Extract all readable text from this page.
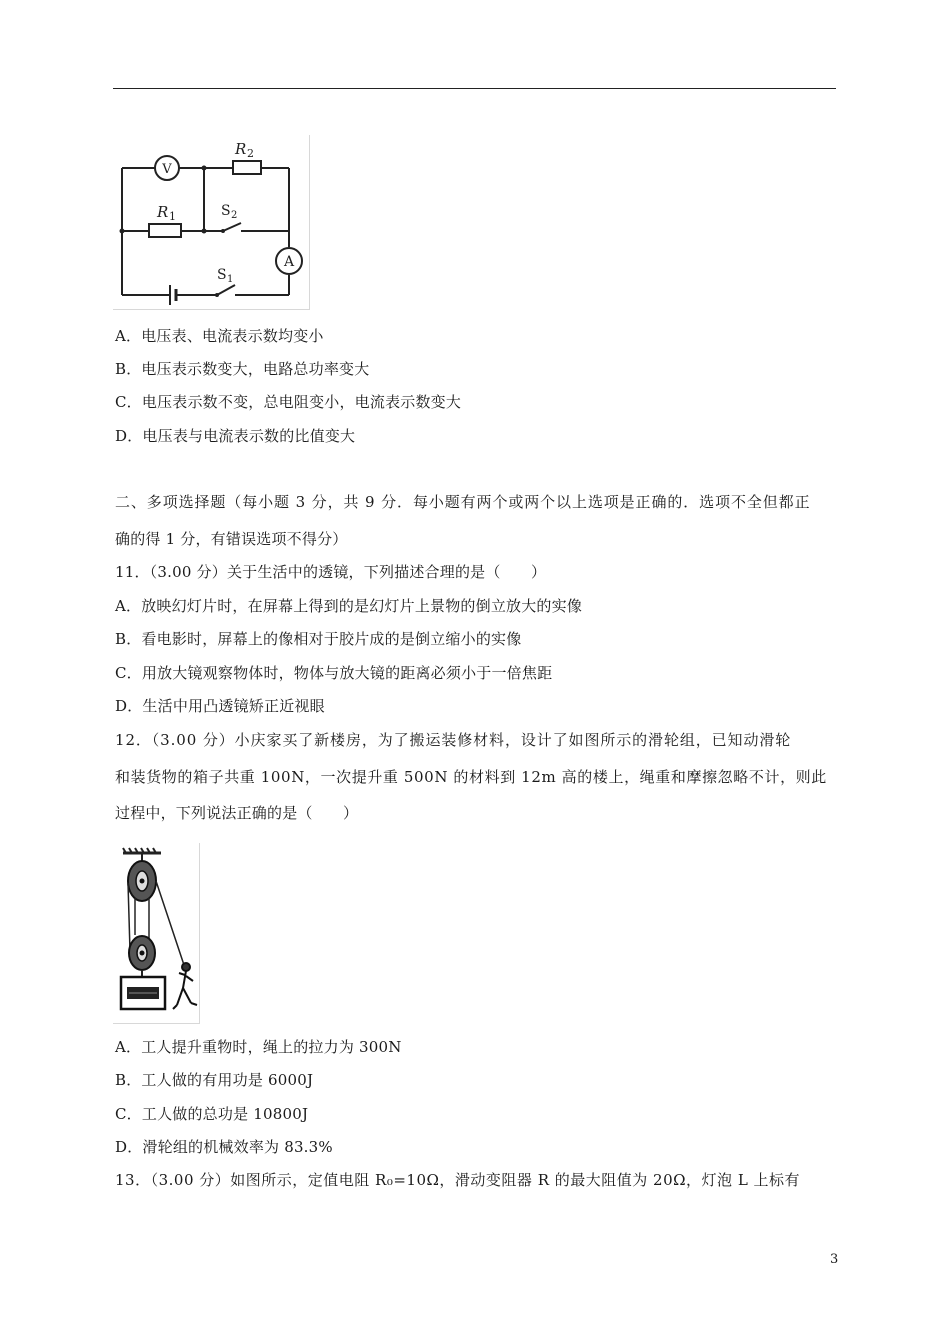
V
R 2
R 1	S 2
S 1
A
A．电压表、电流表示数均变小
B．电压表示数变大，电路总功率变大
C．电压表示数不变，总电阻变小，电流表示数变大
D．电压表与电流表示数的比值变大
二、多项选择题（每小题 3 分，共 9 分．每小题有两个或两个以上选项是正确的．选项不全但都正
确的得 1 分，有错误选项不得分）
11．（3.00 分）关于生活中的透镜，下列描述合理的是（　　）
A．放映幻灯片时，在屏幕上得到的是幻灯片上景物的倒立放大的实像
B．看电影时，屏幕上的像相对于胶片成的是倒立缩小的实像
C．用放大镜观察物体时，物体与放大镜的距离必须小于一倍焦距
D．生活中用凸透镜矫正近视眼
12．（3.00 分）小庆家买了新楼房，为了搬运装修材料，设计了如图所示的滑轮组，已知动滑轮
和装货物的箱子共重 100N，一次提升重 500N 的材料到 12m 高的楼上，绳重和摩擦忽略不计，则此
过程中，下列说法正确的是（　　）
A．工人提升重物时，绳上的拉力为 300N
B．工人做的有用功是 6000J
C．工人做的总功是 10800J
D．滑轮组的机械效率为 83.3%
13．（3.00 分）如图所示，定值电阻 R₀=10Ω，滑动变阻器 R 的最大阻值为 20Ω，灯泡 L 上标有
3
